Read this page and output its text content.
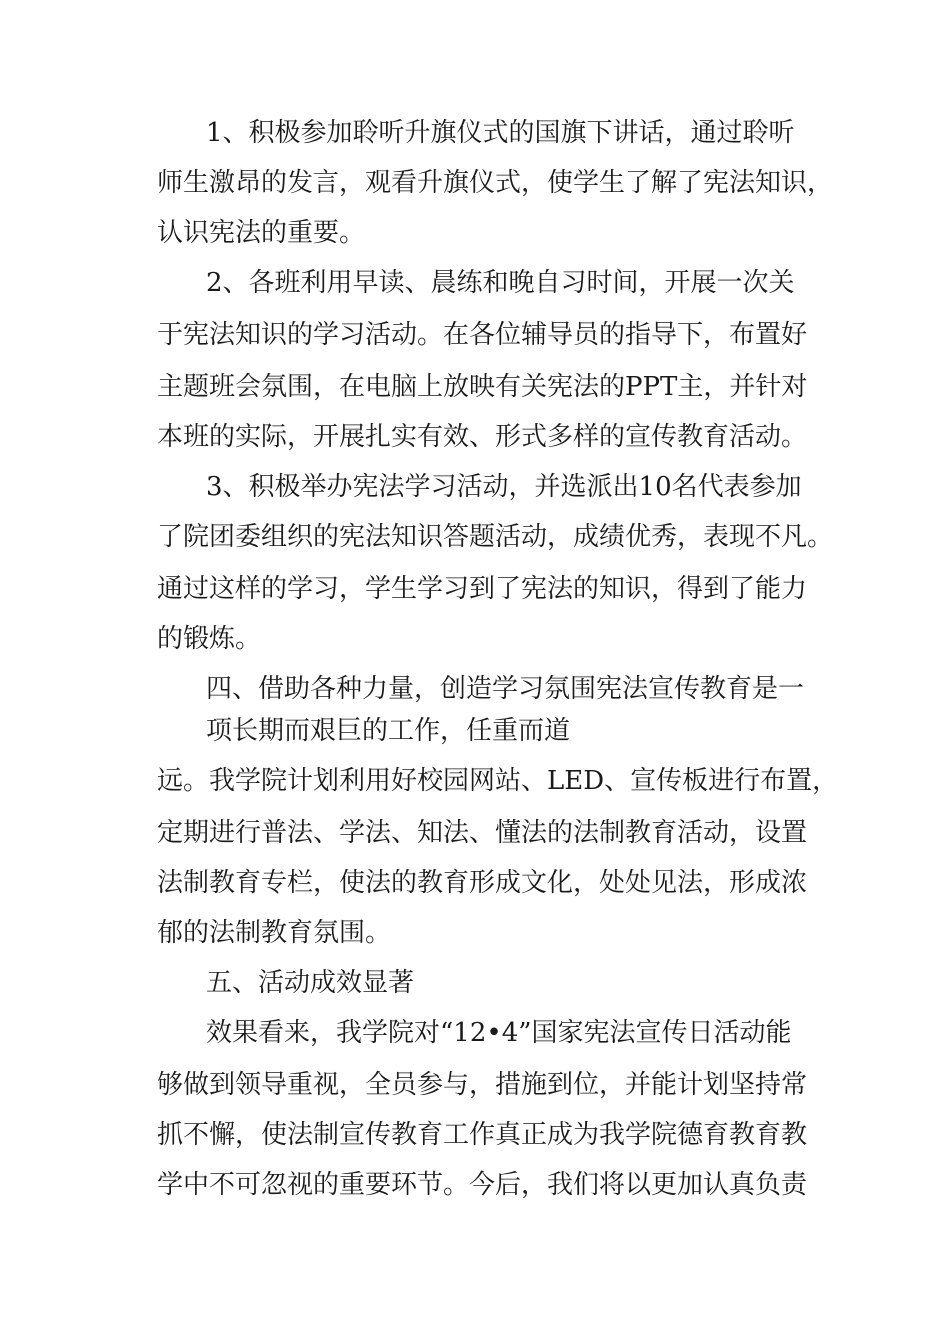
1、积极参加聆听升旗仪式的国旗下讲话，通过聆听
师生激昂的发言，观看升旗仪式，使学生了解了宪法知识，
认识宪法的重要。
2、各班利用早读、晨练和晚自习时间，开展一次关
于宪法知识的学习活动。在各位辅导员的指导下，布置好
主题班会氛围，在电脑上放映有关宪法的PPT主，并针对
本班的实际，开展扎实有效、形式多样的宣传教育活动。
3、积极举办宪法学习活动，并选派出10名代表参加
了院团委组织的宪法知识答题活动，成绩优秀，表现不凡。
通过这样的学习，学生学习到了宪法的知识，得到了能力
的锻炼。
四、借助各种力量，创造学习氛围宪法宣传教育是一
项长期而艰巨的工作，任重而道
远。我学院计划利用好校园网站、LED、宣传板进行布置，
定期进行普法、学法、知法、懂法的法制教育活动，设置
法制教育专栏，使法的教育形成文化，处处见法，形成浓
郁的法制教育氛围。
五、活动成效显著
效果看来，我学院对“12•4”国家宪法宣传日活动能
够做到领导重视，全员参与，措施到位，并能计划坚持常
抓不懈，使法制宣传教育工作真正成为我学院德育教育教
学中不可忽视的重要环节。今后，我们将以更加认真负责
